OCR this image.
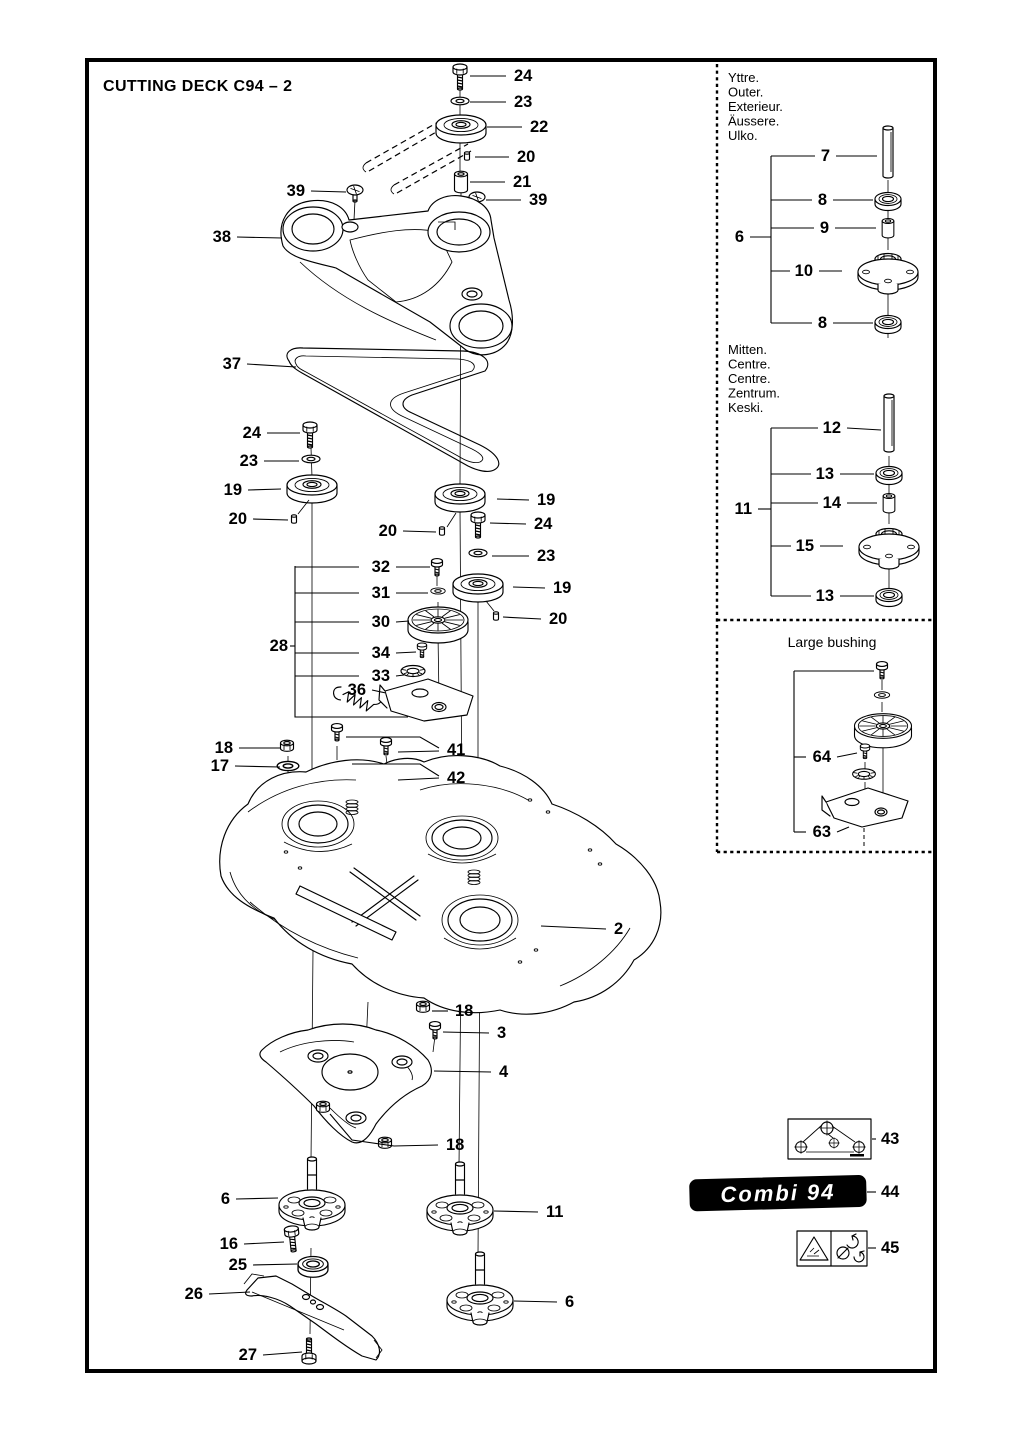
CUTTING DECK C94 – 2
Combi 94
24
23
22
20
21
39
39
38
37
24
23
19
20
19
20	24
23
19
20
32
31
30
28	34
33
36
18
17
41
42
2
18
3
4
18
6
11
16
25
26	6
27
7
8
9
6
10
8
12
13
14
11
15
13
64
63
43
44
45
Yttre.
Outer.
Exterieur.
Äussere.
Ulko.
Mitten.
Centre.
Centre.
Zentrum.
Keski.
Large bushing
